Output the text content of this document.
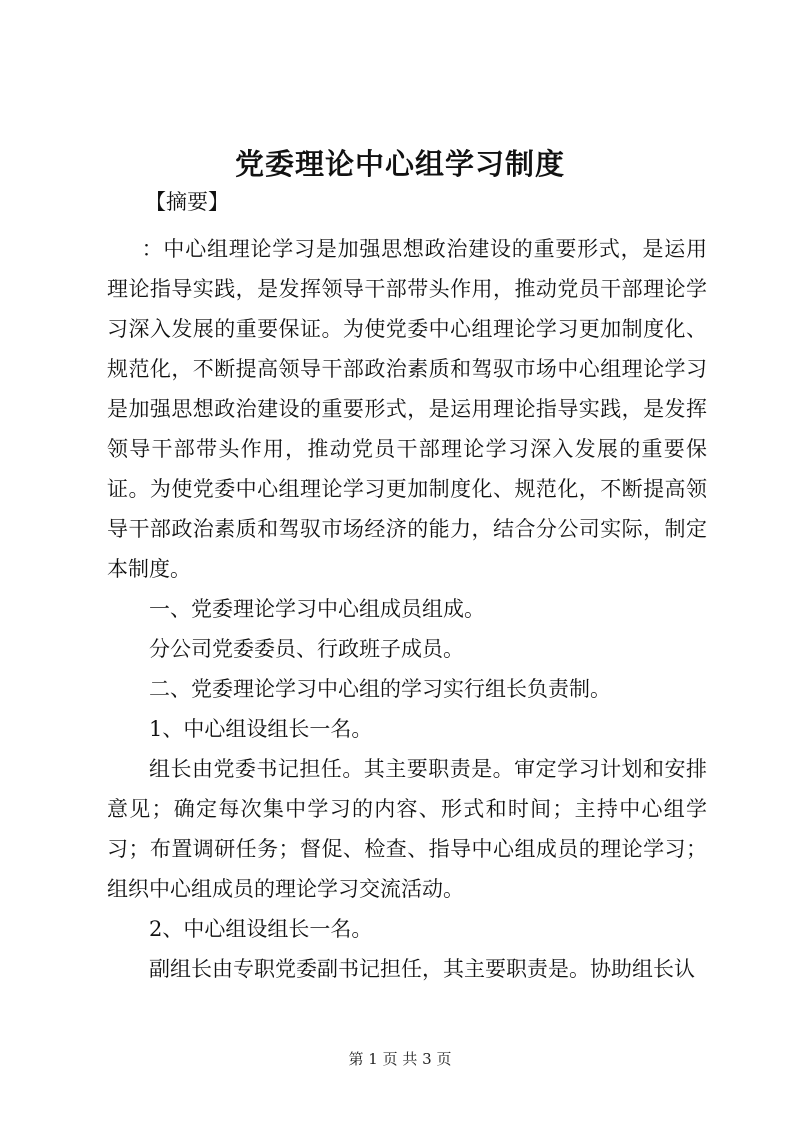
党委理论中心组学习制度
【摘要】

：中心组理论学习是加强思想政治建设的重要形式，是运用理论指导实践，是发挥领导干部带头作用，推动党员干部理论学习深入发展的重要保证。为使党委中心组理论学习更加制度化、规范化，不断提高领导干部政治素质和驾驭市场中心组理论学习是加强思想政治建设的重要形式，是运用理论指导实践，是发挥领导干部带头作用，推动党员干部理论学习深入发展的重要保证。为使党委中心组理论学习更加制度化、规范化，不断提高领导干部政治素质和驾驭市场经济的能力，结合分公司实际，制定本制度。

一、党委理论学习中心组成员组成。

分公司党委委员、行政班子成员。

二、党委理论学习中心组的学习实行组长负责制。

1、中心组设组长一名。

组长由党委书记担任。其主要职责是。审定学习计划和安排意见；确定每次集中学习的内容、形式和时间；主持中心组学习；布置调研任务；督促、检查、指导中心组成员的理论学习；组织中心组成员的理论学习交流活动。

2、中心组设组长一名。

副组长由专职党委副书记担任，其主要职责是。协助组长认

第 1 页 共 3 页
